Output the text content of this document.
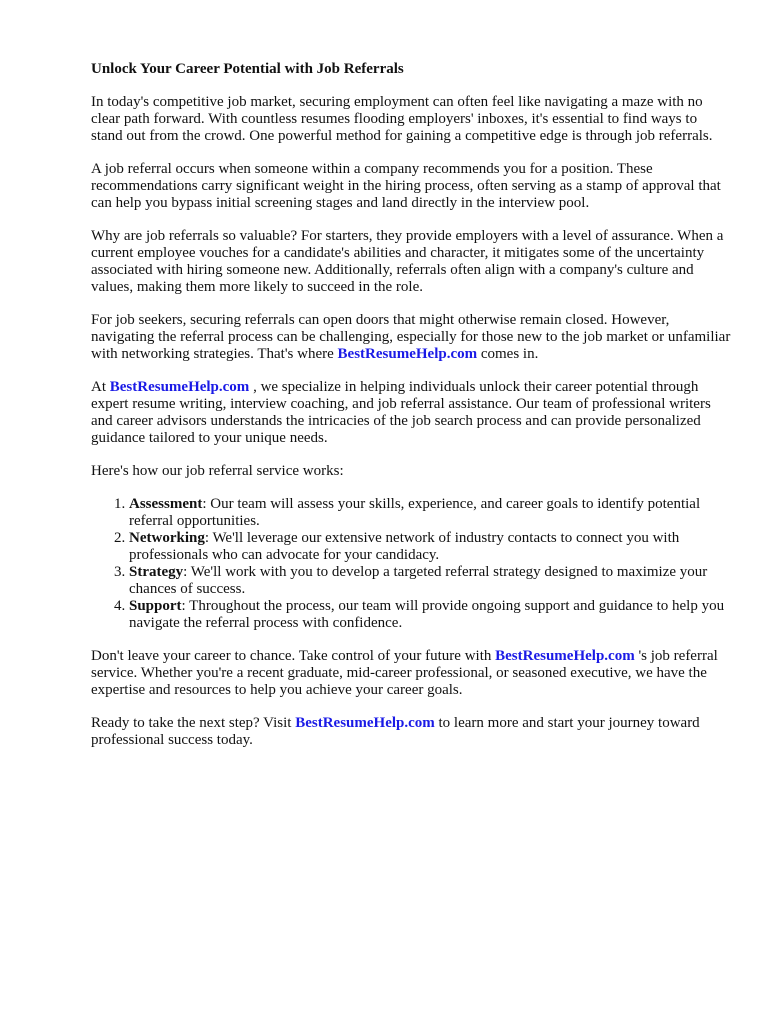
Unlock Your Career Potential with Job Referrals

In today's competitive job market, securing employment can often feel like navigating a maze with no clear path forward. With countless resumes flooding employers' inboxes, it's essential to find ways to stand out from the crowd. One powerful method for gaining a competitive edge is through job referrals.

A job referral occurs when someone within a company recommends you for a position. These recommendations carry significant weight in the hiring process, often serving as a stamp of approval that can help you bypass initial screening stages and land directly in the interview pool.

Why are job referrals so valuable? For starters, they provide employers with a level of assurance. When a current employee vouches for a candidate's abilities and character, it mitigates some of the uncertainty associated with hiring someone new. Additionally, referrals often align with a company's culture and values, making them more likely to succeed in the role.

For job seekers, securing referrals can open doors that might otherwise remain closed. However, navigating the referral process can be challenging, especially for those new to the job market or unfamiliar with networking strategies. That's where BestResumeHelp.com comes in.

At BestResumeHelp.com , we specialize in helping individuals unlock their career potential through expert resume writing, interview coaching, and job referral assistance. Our team of professional writers and career advisors understands the intricacies of the job search process and can provide personalized guidance tailored to your unique needs.

Here's how our job referral service works:

1. Assessment: Our team will assess your skills, experience, and career goals to identify potential referral opportunities.
2. Networking: We'll leverage our extensive network of industry contacts to connect you with professionals who can advocate for your candidacy.
3. Strategy: We'll work with you to develop a targeted referral strategy designed to maximize your chances of success.
4. Support: Throughout the process, our team will provide ongoing support and guidance to help you navigate the referral process with confidence.

Don't leave your career to chance. Take control of your future with BestResumeHelp.com 's job referral service. Whether you're a recent graduate, mid-career professional, or seasoned executive, we have the expertise and resources to help you achieve your career goals.

Ready to take the next step? Visit BestResumeHelp.com to learn more and start your journey toward professional success today.
